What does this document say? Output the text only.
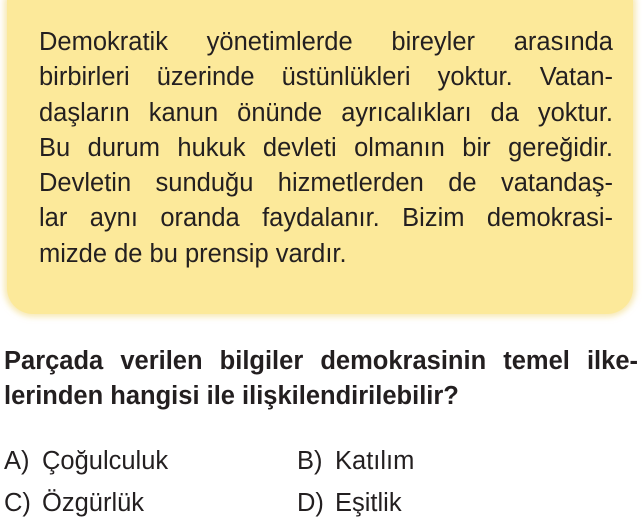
Demokratik yönetimlerde bireyler arasında
birbirleri üzerinde üstünlükleri yoktur. Vatan-
daşların kanun önünde ayrıcalıkları da yoktur.
Bu durum hukuk devleti olmanın bir gereğidir.
Devletin sunduğu hizmetlerden de vatandaş-
lar aynı oranda faydalanır. Bizim demokrasi-
mizde de bu prensip vardır.
Parçada verilen bilgiler demokrasinin temel ilke-
lerinden hangisi ile ilişkilendirilebilir?
A) Çoğulculuk	B) Katılım
C) Özgürlük	D) Eşitlik
